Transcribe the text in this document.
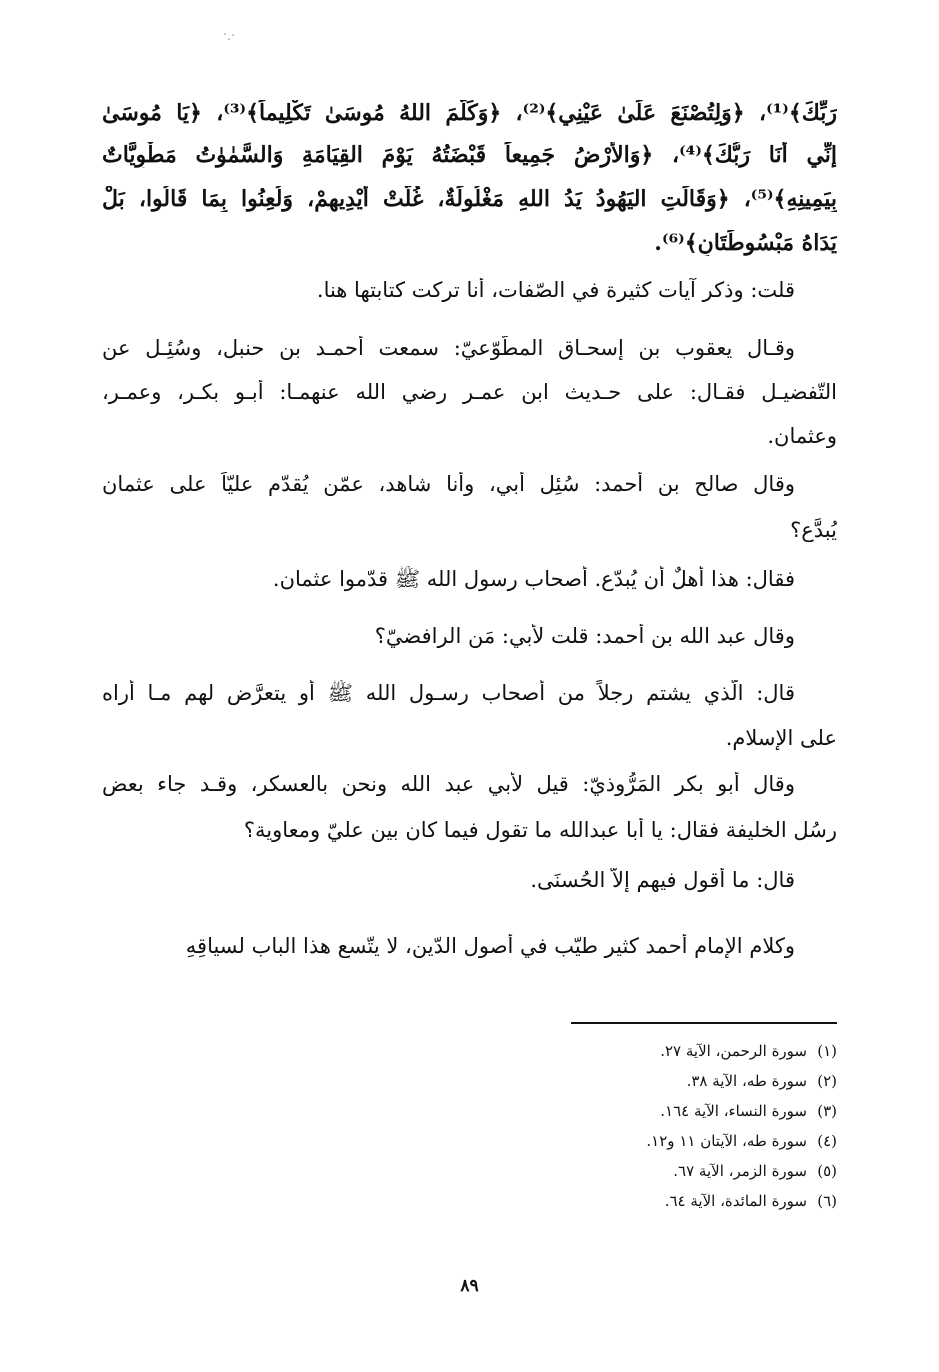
رَبِّكَ﴾⁽¹⁾، ﴿وَلِتُصْنَعَ عَلَىٰ عَيْنِي﴾⁽²⁾، ﴿وَكَلَّمَ اللهُ مُوسَىٰ تَكْلِيماً﴾⁽³⁾، ﴿يَا مُوسَىٰ
إِنِّي أَنَا رَبُّكَ﴾⁽⁴⁾، ﴿وَالأَرْضُ جَمِيعاً قَبْضَتُهُ يَوْمَ القِيَامَةِ وَالسَّمٰوٰتُ مَطْوِيَّاتٌ
بِيَمِينِهِ﴾⁽⁵⁾، ﴿وَقَالَتِ اليَهُودُ يَدُ اللهِ مَغْلُولَةٌ، غُلَّتْ أَيْدِيهِمْ، وَلُعِنُوا بِمَا قَالُوا، بَلْ
يَدَاهُ مَبْسُوطَتَانِ﴾⁽⁶⁾.
قلت: وذكر آيات كثيرة في الصّفات، أنا تركت كتابتها هنا.
وقـال يعقوب بن إسحـاق المطّوّعيّ: سمعت أحمـد بن حنبل، وسُئِـل عن
التّفضيـل فقـال: على حـديث ابن عمـر رضي الله عنهمـا: أبـو بكـر، وعمـر،
وعثمان.
وقال صالح بن أحمد: سُئِل أبي، وأنا شاهد، عمّن يُقدّم عليّاً على عثمان
يُبدَّع؟
فقال: هذا أهلٌ أن يُبدّع. أصحاب رسول الله ﷺ قدّموا عثمان.
وقال عبد الله بن أحمد: قلت لأبي: مَن الرافضيّ؟
قال: الّذي يشتم رجلاً من أصحاب رسـول الله ﷺ أو يتعرَّض لهم مـا أراه
على الإسلام.
وقال أبو بكر المَرُّوذيّ: قيل لأبي عبد الله ونحن بالعسكر، وقـد جاء بعض
رسُل الخليفة فقال: يا أبا عبدالله ما تقول فيما كان بين عليّ ومعاوية؟
قال: ما أقول فيهم إلاّ الحُسنَى.
وكلام الإمام أحمد كثير طيّب في أصول الدّين، لا يتّسع هذا الباب لسياقِهِ
(١)سورة الرحمن، الآية ٢٧.
(٢)سورة طه، الآية ٣٨.
(٣)سورة النساء، الآية ١٦٤.
(٤)سورة طه، الآيتان ١١ و١٢.
(٥)سورة الزمر، الآية ٦٧.
(٦)سورة المائدة، الآية ٦٤.
٨٩
